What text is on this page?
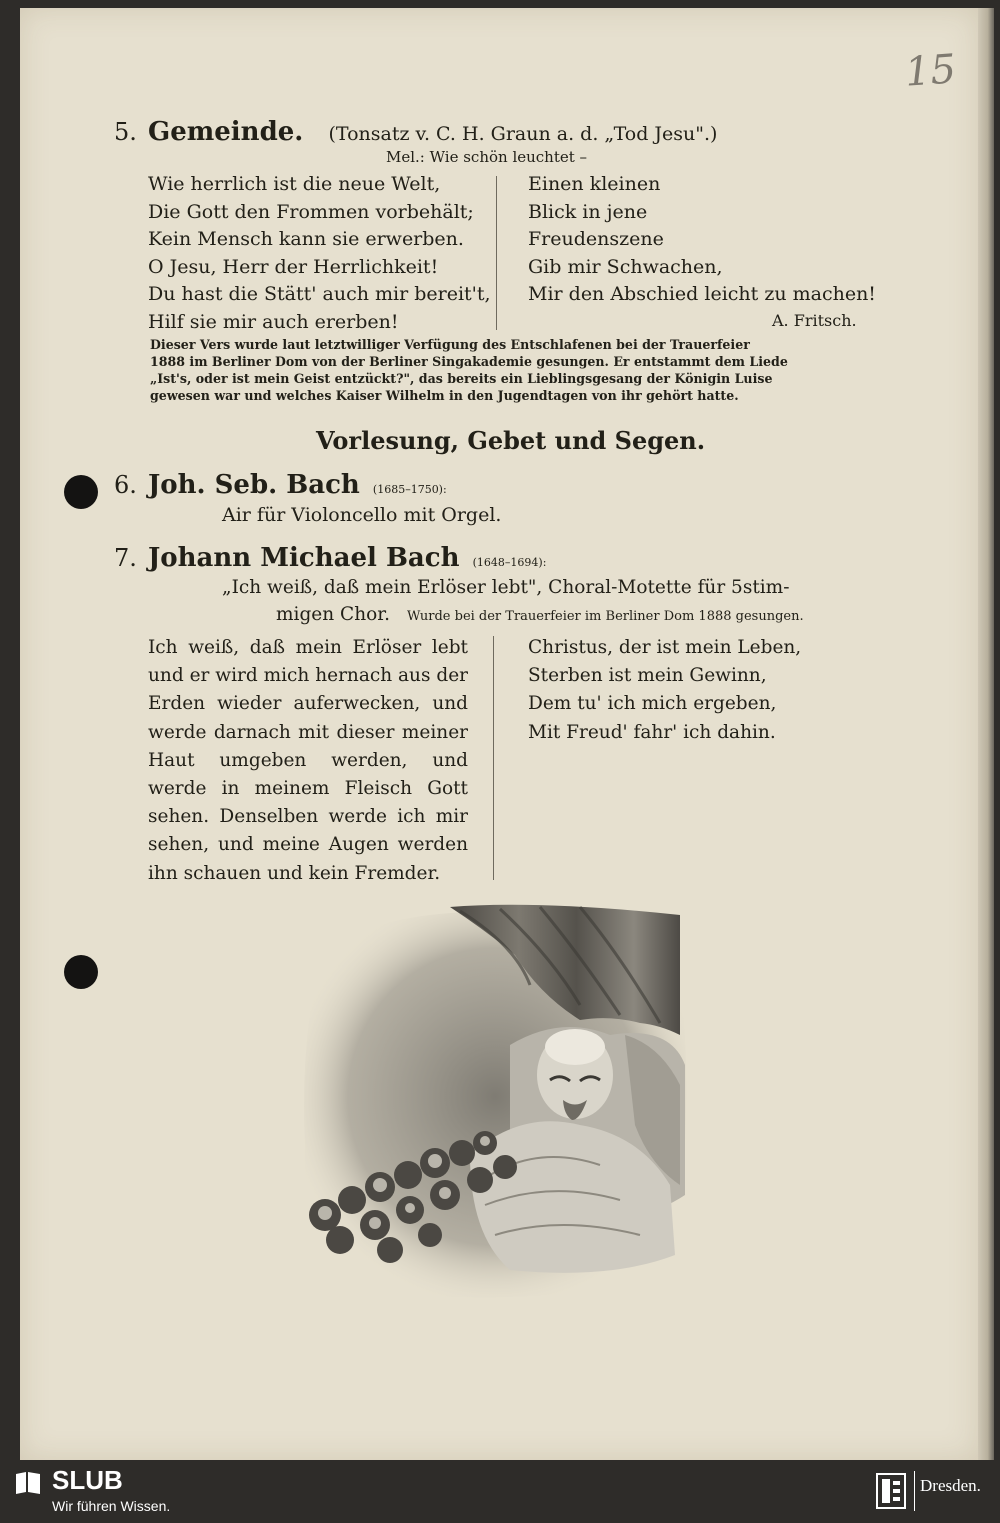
15
5. Gemeinde. (Tonsatz v. C. H. Graun a. d. „Tod Jesu".)
Mel.: Wie schön leuchtet –
Wie herrlich ist die neue Welt,
Die Gott den Frommen vorbehält;
Kein Mensch kann sie erwerben.
O Jesu, Herr der Herrlichkeit!
Du hast die Stätt' auch mir bereit't,
Hilf sie mir auch ererben!
Einen kleinen
Blick in jene
Freudenszene
Gib mir Schwachen,
Mir den Abschied leicht zu machen!
A. Fritsch.
Dieser Vers wurde laut letztwilliger Verfügung des Entschlafenen bei der Trauerfeier
1888 im Berliner Dom von der Berliner Singakademie gesungen. Er entstammt dem Liede
„Ist's, oder ist mein Geist entzückt?", das bereits ein Lieblingsgesang der Königin Luise
gewesen war und welches Kaiser Wilhelm in den Jugendtagen von ihr gehört hatte.
Vorlesung, Gebet und Segen.
6. Joh. Seb. Bach (1685–1750):
Air für Violoncello mit Orgel.
7. Johann Michael Bach (1648–1694):
„Ich weiß, daß mein Erlöser lebt", Choral-Motette für 5stim-
migen Chor. Wurde bei der Trauerfeier im Berliner Dom 1888 gesungen.
Ich weiß, daß mein Erlöser lebt und er wird mich hernach aus der Erden wieder auferwecken, und werde darnach mit dieser meiner Haut umgeben werden, und werde in meinem Fleisch Gott sehen. Denselben werde ich mir sehen, und meine Augen werden ihn schauen und kein Fremder.
Christus, der ist mein Leben,
Sterben ist mein Gewinn,
Dem tu' ich mich ergeben,
Mit Freud' fahr' ich dahin.
SLUB
Wir führen Wissen.
Dresden.
